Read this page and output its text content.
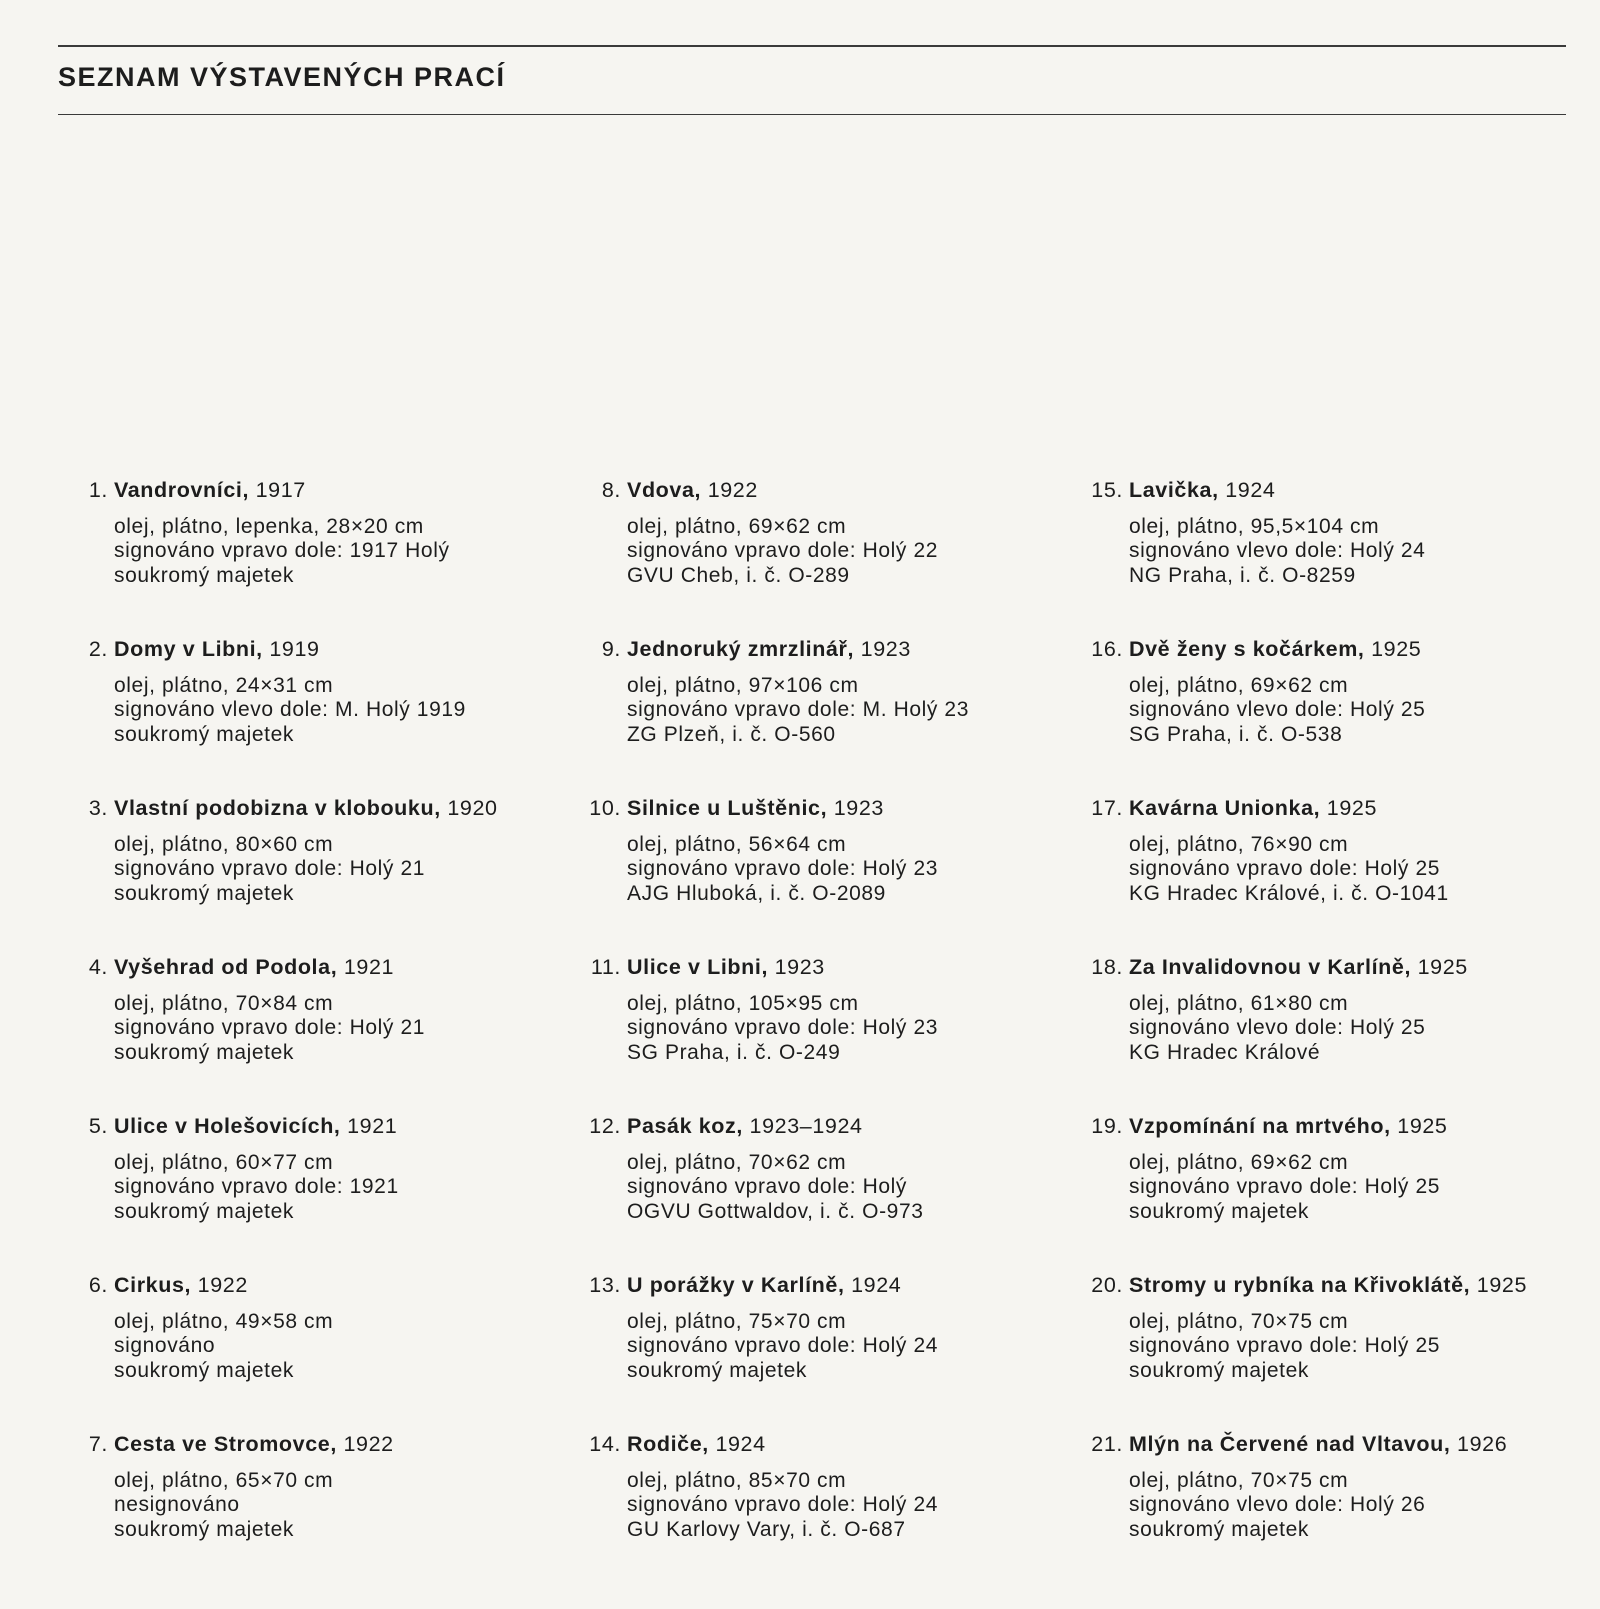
SEZNAM VÝSTAVENÝCH PRACÍ
1. Vandrovníci, 1917
olej, plátno, lepenka, 28×20 cm
signováno vpravo dole: 1917 Holý
soukromý majetek
2. Domy v Libni, 1919
olej, plátno, 24×31 cm
signováno vlevo dole: M. Holý 1919
soukromý majetek
3. Vlastní podobizna v klobouku, 1920
olej, plátno, 80×60 cm
signováno vpravo dole: Holý 21
soukromý majetek
4. Vyšehrad od Podola, 1921
olej, plátno, 70×84 cm
signováno vpravo dole: Holý 21
soukromý majetek
5. Ulice v Holešovicích, 1921
olej, plátno, 60×77 cm
signováno vpravo dole: 1921
soukromý majetek
6. Cirkus, 1922
olej, plátno, 49×58 cm
signováno
soukromý majetek
7. Cesta ve Stromovce, 1922
olej, plátno, 65×70 cm
nesignováno
soukromý majetek
8. Vdova, 1922
olej, plátno, 69×62 cm
signováno vpravo dole: Holý 22
GVU Cheb, i. č. O-289
9. Jednoruký zmrzlinář, 1923
olej, plátno, 97×106 cm
signováno vpravo dole: M. Holý 23
ZG Plzeň, i. č. O-560
10. Silnice u Luštěnic, 1923
olej, plátno, 56×64 cm
signováno vpravo dole: Holý 23
AJG Hluboká, i. č. O-2089
11. Ulice v Libni, 1923
olej, plátno, 105×95 cm
signováno vpravo dole: Holý 23
SG Praha, i. č. O-249
12. Pasák koz, 1923–1924
olej, plátno, 70×62 cm
signováno vpravo dole: Holý
OGVU Gottwaldov, i. č. O-973
13. U porážky v Karlíně, 1924
olej, plátno, 75×70 cm
signováno vpravo dole: Holý 24
soukromý majetek
14. Rodiče, 1924
olej, plátno, 85×70 cm
signováno vpravo dole: Holý 24
GU Karlovy Vary, i. č. O-687
15. Lavička, 1924
olej, plátno, 95,5×104 cm
signováno vlevo dole: Holý 24
NG Praha, i. č. O-8259
16. Dvě ženy s kočárkem, 1925
olej, plátno, 69×62 cm
signováno vlevo dole: Holý 25
SG Praha, i. č. O-538
17. Kavárna Unionka, 1925
olej, plátno, 76×90 cm
signováno vpravo dole: Holý 25
KG Hradec Králové, i. č. O-1041
18. Za Invalidovnou v Karlíně, 1925
olej, plátno, 61×80 cm
signováno vlevo dole: Holý 25
KG Hradec Králové
19. Vzpomínání na mrtvého, 1925
olej, plátno, 69×62 cm
signováno vpravo dole: Holý 25
soukromý majetek
20. Stromy u rybníka na Křivoklátě, 1925
olej, plátno, 70×75 cm
signováno vpravo dole: Holý 25
soukromý majetek
21. Mlýn na Červené nad Vltavou, 1926
olej, plátno, 70×75 cm
signováno vlevo dole: Holý 26
soukromý majetek
